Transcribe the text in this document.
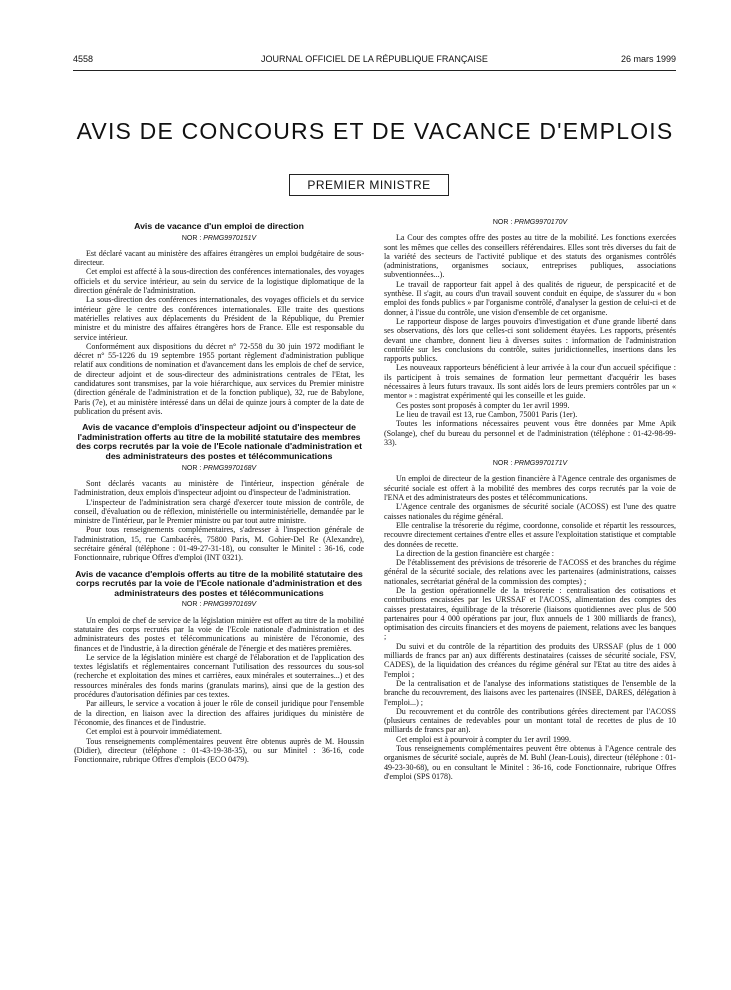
4558	JOURNAL OFFICIEL DE LA RÉPUBLIQUE FRANÇAISE	26 mars 1999
AVIS DE CONCOURS ET DE VACANCE D'EMPLOIS
PREMIER MINISTRE
Avis de vacance d'un emploi de direction
NOR : PRMG9970151V

Est déclaré vacant au ministère des affaires étrangères un emploi budgétaire de sous-directeur.

Cet emploi est affecté à la sous-direction des conférences internationales, des voyages officiels et du service intérieur, au sein du service de la logistique diplomatique de la direction générale de l'administration.

La sous-direction des conférences internationales, des voyages officiels et du service intérieur gère le centre des conférences internationales. Elle traite des questions matérielles relatives aux déplacements du Président de la République, du Premier ministre et du ministre des affaires étrangères hors de France. Elle est responsable du service intérieur.

Conformément aux dispositions du décret n° 72-558 du 30 juin 1972 modifiant le décret n° 55-1226 du 19 septembre 1955 portant règlement d'administration publique relatif aux conditions de nomination et d'avancement dans les emplois de chef de service, de directeur adjoint et de sous-directeur des administrations centrales de l'Etat, les candidatures sont transmises, par la voie hiérarchique, aux services du Premier ministre (direction générale de l'administration et de la fonction publique), 32, rue de Babylone, Paris (7e), et au ministère intéressé dans un délai de quinze jours à compter de la date de publication du présent avis.

Avis de vacance d'emplois d'inspecteur adjoint ou d'inspecteur de l'administration offerts au titre de la mobilité statutaire des membres des corps recrutés par la voie de l'Ecole nationale d'administration et des administrateurs des postes et télécommunications
NOR : PRMG9970168V

Sont déclarés vacants au ministère de l'intérieur, inspection générale de l'administration, deux emplois d'inspecteur adjoint ou d'inspecteur de l'administration.

L'inspecteur de l'administration sera chargé d'exercer toute mission de contrôle, de conseil, d'évaluation ou de réflexion, ministérielle ou interministérielle, demandée par le ministre de l'intérieur, par le Premier ministre ou par tout autre ministre.

Pour tous renseignements complémentaires, s'adresser à l'inspection générale de l'administration, 15, rue Cambacérès, 75800 Paris, M. Gohier-Del Re (Alexandre), secrétaire général (téléphone : 01-49-27-31-18), ou consulter le Minitel : 36-16, code Fonctionnaire, rubrique Offres d'emploi (INT 0321).

Avis de vacance d'emplois offerts au titre de la mobilité statutaire des corps recrutés par la voie de l'Ecole nationale d'administration et des administrateurs des postes et télécommunications
NOR : PRMG9970169V

Un emploi de chef de service de la législation minière est offert au titre de la mobilité statutaire des corps recrutés par la voie de l'Ecole nationale d'administration et des administrateurs des postes et télécommunications au ministère de l'économie, des finances et de l'industrie, à la direction générale de l'énergie et des matières premières.

Le service de la législation minière est chargé de l'élaboration et de l'application des textes législatifs et réglementaires concernant l'utilisation des ressources du sous-sol (recherche et exploitation des mines et carrières, eaux minérales et souterraines...) et des ressources minérales des fonds marins (granulats marins), ainsi que de la gestion des procédures d'autorisation définies par ces textes.

Par ailleurs, le service a vocation à jouer le rôle de conseil juridique pour l'ensemble de la direction, en liaison avec la direction des affaires juridiques du ministère de l'économie, des finances et de l'industrie.

Cet emploi est à pourvoir immédiatement.

Tous renseignements complémentaires peuvent être obtenus auprès de M. Houssin (Didier), directeur (téléphone : 01-43-19-38-35), ou sur Minitel : 36-16, code Fonctionnaire, rubrique Offres d'emplois (ECO 0479).

NOR : PRMG9970170V

La Cour des comptes offre des postes au titre de la mobilité. Les fonctions exercées sont les mêmes que celles des conseillers référendaires. Elles sont très diverses du fait de la variété des secteurs de l'activité publique et des statuts des organismes contrôlés (administrations, organismes sociaux, entreprises publiques, associations subventionnées...).

Le travail de rapporteur fait appel à des qualités de rigueur, de perspicacité et de synthèse. Il s'agit, au cours d'un travail souvent conduit en équipe, de s'assurer du « bon emploi des fonds publics » par l'organisme contrôlé, d'analyser la gestion de celui-ci et de donner, à l'issue du contrôle, une vision d'ensemble de cet organisme.

Le rapporteur dispose de larges pouvoirs d'investigation et d'une grande liberté dans ses observations, dès lors que celles-ci sont solidement étayées. Les rapports, présentés devant une chambre, donnent lieu à diverses suites : information de l'administration contrôlée sur les conclusions du contrôle, suites juridictionnelles, insertions dans les rapports publics.

Les nouveaux rapporteurs bénéficient à leur arrivée à la cour d'un accueil spécifique : ils participent à trois semaines de formation leur permettant d'acquérir les bases nécessaires à leurs futurs travaux. Ils sont aidés lors de leurs premiers contrôles par un « mentor » : magistrat expérimenté qui les conseille et les guide.

Ces postes sont proposés à compter du 1er avril 1999.

Le lieu de travail est 13, rue Cambon, 75001 Paris (1er).

Toutes les informations nécessaires peuvent vous être données par Mme Apik (Solange), chef du bureau du personnel et de l'administration (téléphone : 01-42-98-99-33).

NOR : PRMG9970171V

Un emploi de directeur de la gestion financière à l'Agence centrale des organismes de sécurité sociale est offert à la mobilité des membres des corps recrutés par la voie de l'ENA et des administrateurs des postes et télécommunications.

L'Agence centrale des organismes de sécurité sociale (ACOSS) est l'une des quatre caisses nationales du régime général.

Elle centralise la trésorerie du régime, coordonne, consolide et répartit les ressources, recouvre directement certaines d'entre elles et assure l'exploitation statistique et comptable des données de recette.

La direction de la gestion financière est chargée :

De l'établissement des prévisions de trésorerie de l'ACOSS et des branches du régime général de la sécurité sociale, des relations avec les partenaires (administrations, caisses nationales, secrétariat général de la commission des comptes) ;

De la gestion opérationnelle de la trésorerie : centralisation des cotisations et contributions encaissées par les URSSAF et l'ACOSS, alimentation des comptes des caisses prestataires, équilibrage de la trésorerie (liaisons quotidiennes avec plus de 500 partenaires pour 4 000 opérations par jour, flux annuels de 1 300 milliards de francs), optimisation des circuits financiers et des moyens de paiement, relations avec les banques ;

Du suivi et du contrôle de la répartition des produits des URSSAF (plus de 1 000 milliards de francs par an) aux différents destinataires (caisses de sécurité sociale, FSV, CADES), de la liquidation des créances du régime général sur l'Etat au titre des aides à l'emploi ;

De la centralisation et de l'analyse des informations statistiques de l'ensemble de la branche du recouvrement, des liaisons avec les partenaires (INSEE, DARES, délégation à l'emploi...) ;

Du recouvrement et du contrôle des contributions gérées directement par l'ACOSS (plusieurs centaines de redevables pour un montant total de recettes de plus de 10 milliards de francs par an).

Cet emploi est à pourvoir à compter du 1er avril 1999.

Tous renseignements complémentaires peuvent être obtenus à l'Agence centrale des organismes de sécurité sociale, auprès de M. Buhl (Jean-Louis), directeur (téléphone : 01-49-23-30-68), ou en consultant le Minitel : 36-16, code Fonctionnaire, rubrique Offres d'emploi (SPS 0178).
